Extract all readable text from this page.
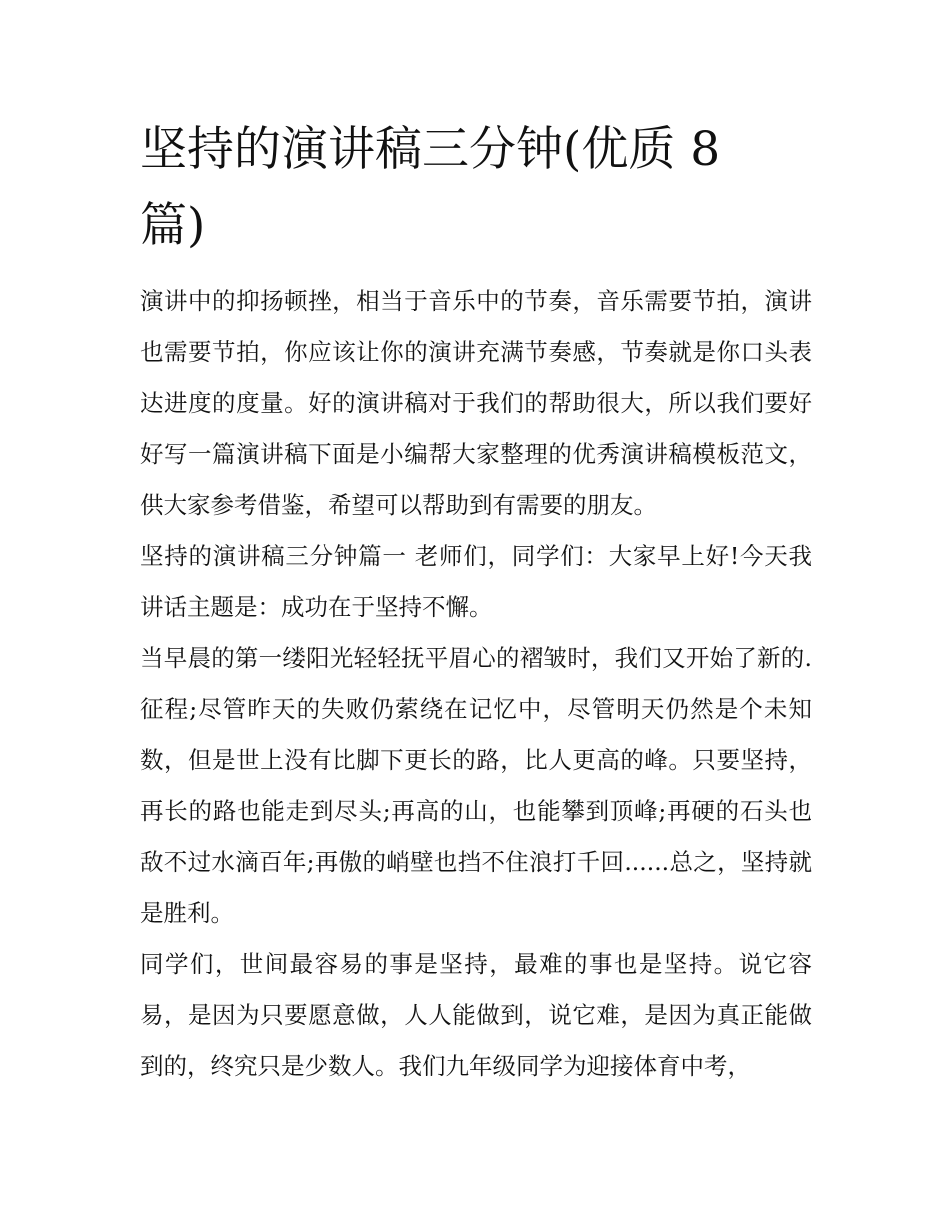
坚持的演讲稿三分钟(优质 8 篇)

演讲中的抑扬顿挫，相当于音乐中的节奏，音乐需要节拍，演讲也需要节拍，你应该让你的演讲充满节奏感，节奏就是你口头表达进度的度量。好的演讲稿对于我们的帮助很大，所以我们要好好写一篇演讲稿下面是小编帮大家整理的优秀演讲稿模板范文，供大家参考借鉴，希望可以帮助到有需要的朋友。

坚持的演讲稿三分钟篇一 老师们，同学们：大家早上好!今天我讲话主题是：成功在于坚持不懈。

当早晨的第一缕阳光轻轻抚平眉心的褶皱时，我们又开始了新的.征程;尽管昨天的失败仍萦绕在记忆中，尽管明天仍然是个未知数，但是世上没有比脚下更长的路，比人更高的峰。只要坚持，再长的路也能走到尽头;再高的山，也能攀到顶峰;再硬的石头也敌不过水滴百年;再傲的峭壁也挡不住浪打千回......总之，坚持就是胜利。

同学们，世间最容易的事是坚持，最难的事也是坚持。说它容易，是因为只要愿意做，人人能做到，说它难，是因为真正能做到的，终究只是少数人。我们九年级同学为迎接体育中考，
